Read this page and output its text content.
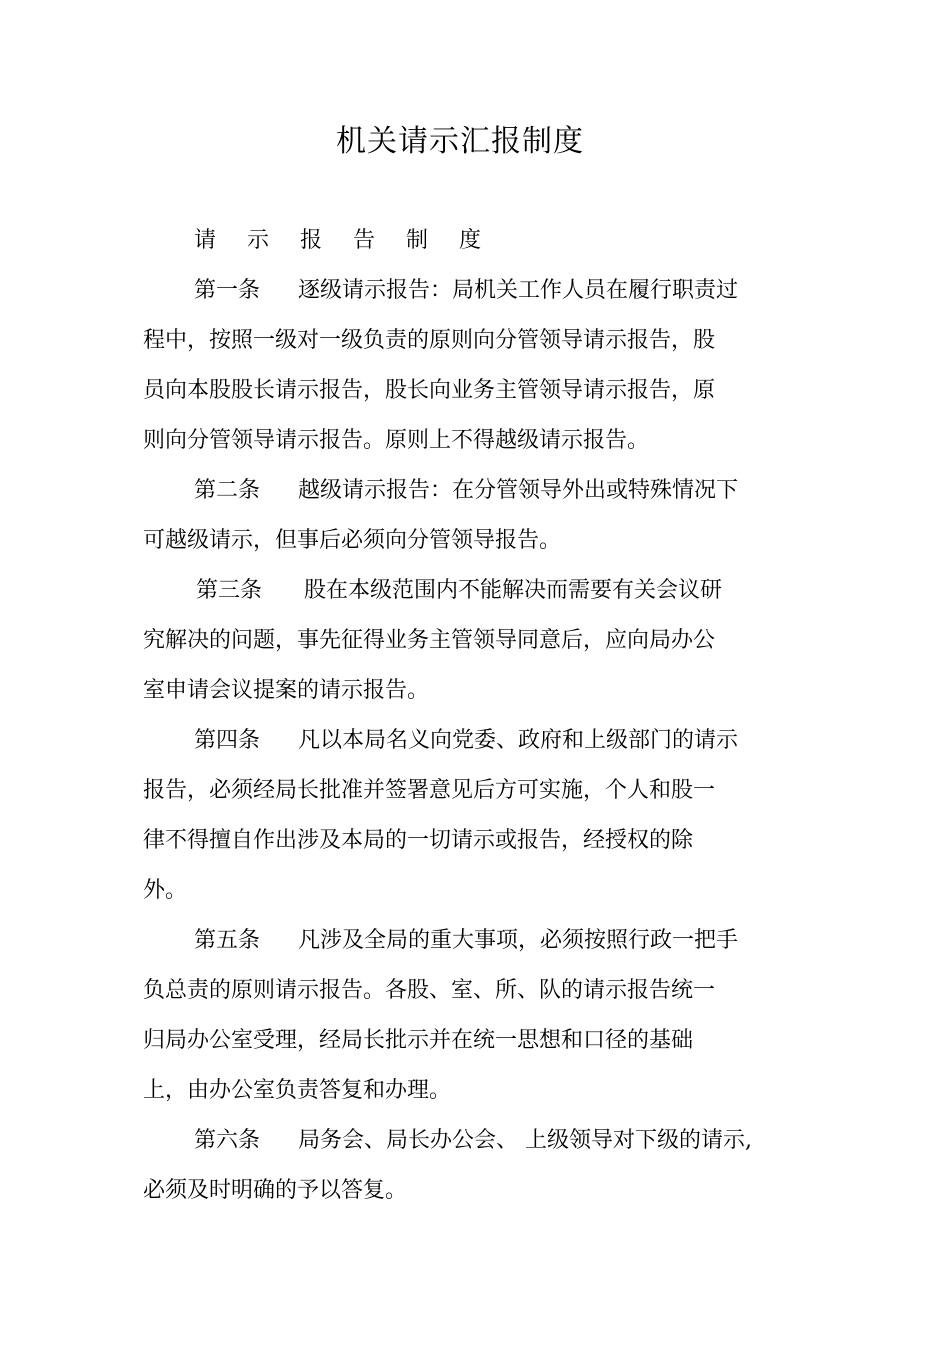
机关请示汇报制度
请 示 报 告 制 度
第一条 逐级请示报告：局机关工作人员在履行职责过
程中，按照一级对一级负责的原则向分管领导请示报告，股
员向本股股长请示报告，股长向业务主管领导请示报告，原
则向分管领导请示报告。原则上不得越级请示报告。
第二条 越级请示报告：在分管领导外出或特殊情况下
可越级请示，但事后必须向分管领导报告。
第三条 股在本级范围内不能解决而需要有关会议研
究解决的问题，事先征得业务主管领导同意后，应向局办公
室申请会议提案的请示报告。
第四条 凡以本局名义向党委、政府和上级部门的请示
报告，必须经局长批准并签署意见后方可实施，个人和股一
律不得擅自作出涉及本局的一切请示或报告，经授权的除
外。
第五条 凡涉及全局的重大事项，必须按照行政一把手
负总责的原则请示报告。各股、室、所、队的请示报告统一
归局办公室受理，经局长批示并在统一思想和口径的基础
上，由办公室负责答复和办理。
第六条 局务会、局长办公会、 上级领导对下级的请示,
必须及时明确的予以答复。
